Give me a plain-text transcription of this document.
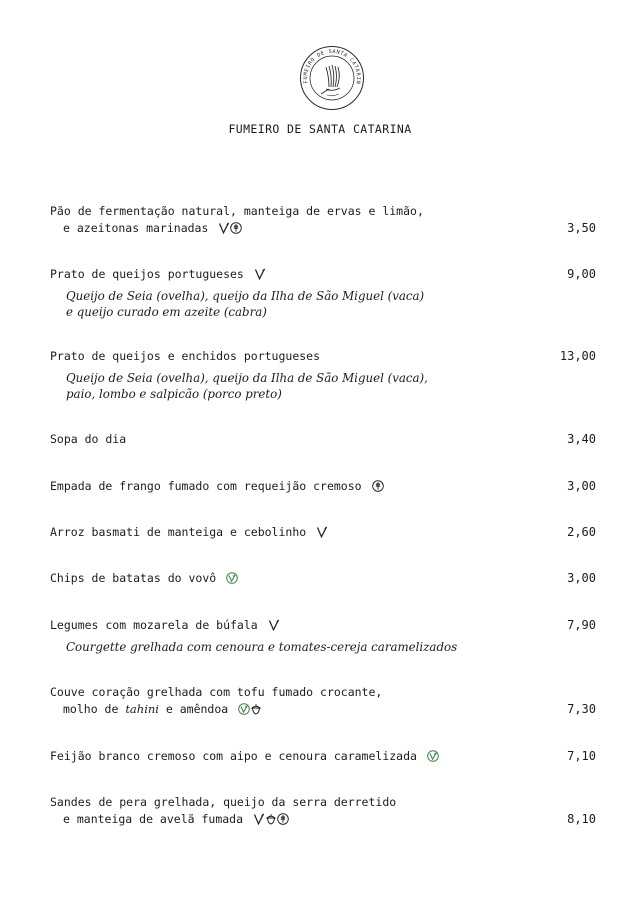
FUMEIRO DE SANTA CATARIN
FUMEIRO DE SANTA CATARINA
Pão de fermentação natural, manteiga de ervas e limão,
e azeitonas marinadas	3,50
Prato de queijos portugueses	9,00
Queijo de Seia (ovelha), queijo da Ilha de São Miguel (vaca)
e queijo curado em azeite (cabra)
Prato de queijos e enchidos portugueses	13,00
Queijo de Seia (ovelha), queijo da Ilha de São Miguel (vaca),
paio, lombo e salpicão (porco preto)
Sopa do dia	3,40
Empada de frango fumado com requeijão cremoso	3,00
Arroz basmati de manteiga e cebolinho	2,60
Chips de batatas do vovô	3,00
Legumes com mozarela de búfala	7,90
Courgette grelhada com cenoura e tomates-cereja caramelizados
Couve coração grelhada com tofu fumado crocante,
molho de tahini e amêndoa	7,30
Feijão branco cremoso com aipo e cenoura caramelizada	7,10
Sandes de pera grelhada, queijo da serra derretido
e manteiga de avelã fumada	8,10
